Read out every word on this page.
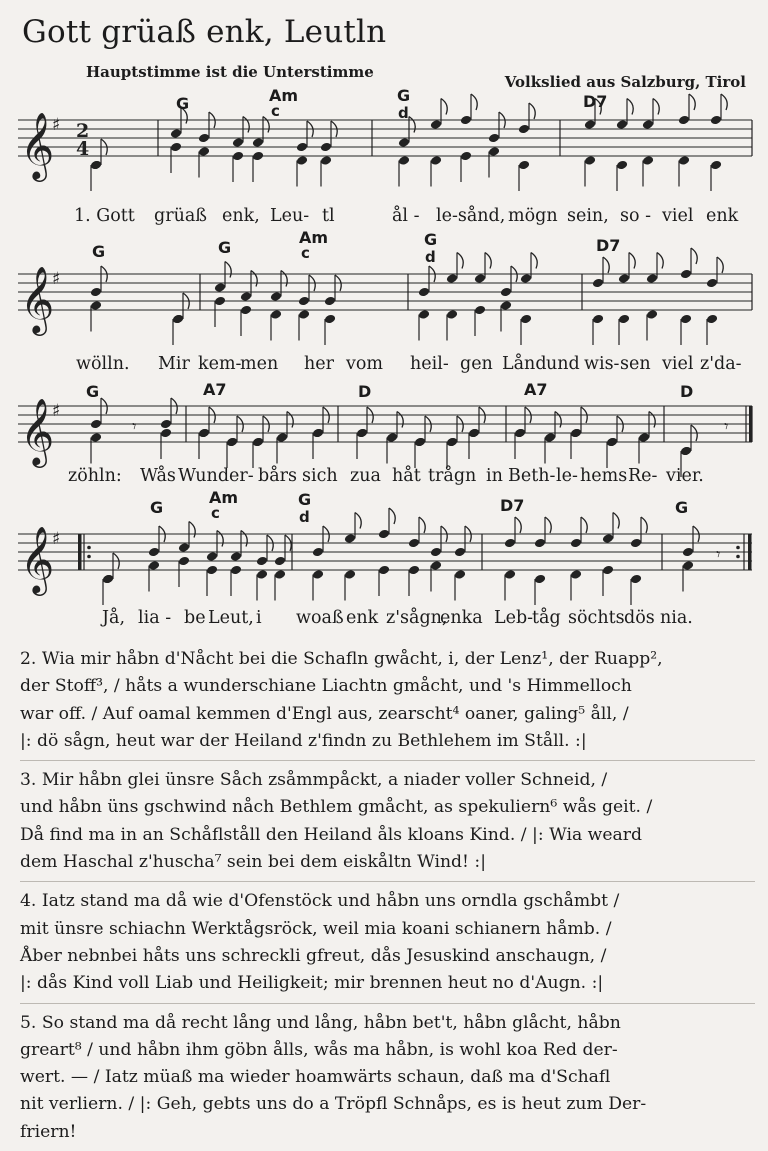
Gott grüaß enk, Leutln
Hauptstimme ist die Unterstimme
Volkslied aus Salzburg, Tirol
𝄞
♯ 2
4
G	Am
c
G
d
D7
1. Gott grüaß enk, Leu- tl	ål - le-sånd, mögn sein, so - viel enk
𝄞
♯
G	G
Am
c
G
d
D7
wölln. Mir kem-
men her vom heil- gen Lånd und wis- sen viel z'da-
𝄞
♯
𝄾	𝄾
G	A7	D	A7	D
zöhln: Wås Wunder- bårs sich zua håt trågn in Beth- le- hems Re- vier.
𝄞
♯
𝄾
G
Am
c
G
d
D7	G
Jå, lia - be Leut, i woaß enk z'sågn,
enka Leb-
tåg söchts dös nia.

2. Wia mir håbn d'Nåcht bei die Schafln gwåcht, i, der Lenz¹, der Ruapp²,

der Stoff³, / håts a wunderschiane Liachtn gmåcht, und 's Himmelloch

war off. / Auf oamal kemmen d'Engl aus, zearscht⁴ oaner, galing⁵ åll, /

|: dö sågn, heut war der Heiland z'findn zu Bethlehem im Ståll. :|

3. Mir håbn glei ünsre Såch zsåmmpåckt, a niader voller Schneid, /

und håbn üns gschwind nåch Bethlem gmåcht, as spekuliern⁶ wås geit. /

Då find ma in an Schåflståll den Heiland åls kloans Kind. / |: Wia weard

dem Haschal z'huscha⁷ sein bei dem eiskåltn Wind! :|

4. Iatz stand ma då wie d'Ofenstöck und håbn uns orndla gschåmbt /

mit ünsre schiachn Werktågsröck, weil mia koani schianern håmb. /

Åber nebnbei håts uns schreckli gfreut, dås Jesuskind anschaugn, /

|: dås Kind voll Liab und Heiligkeit; mir brennen heut no d'Augn. :|

5. So stand ma då recht lång und lång, håbn bet't, håbn glåcht, håbn

greart⁸ / und håbn ihm göbn ålls, wås ma håbn, is wohl koa Red der-

wert. — / Iatz müaß ma wieder hoamwärts schaun, daß ma d'Schafl

nit verliern. / |: Geh, gebts uns do a Tröpfl Schnåps, es is heut zum Der-

friern!
